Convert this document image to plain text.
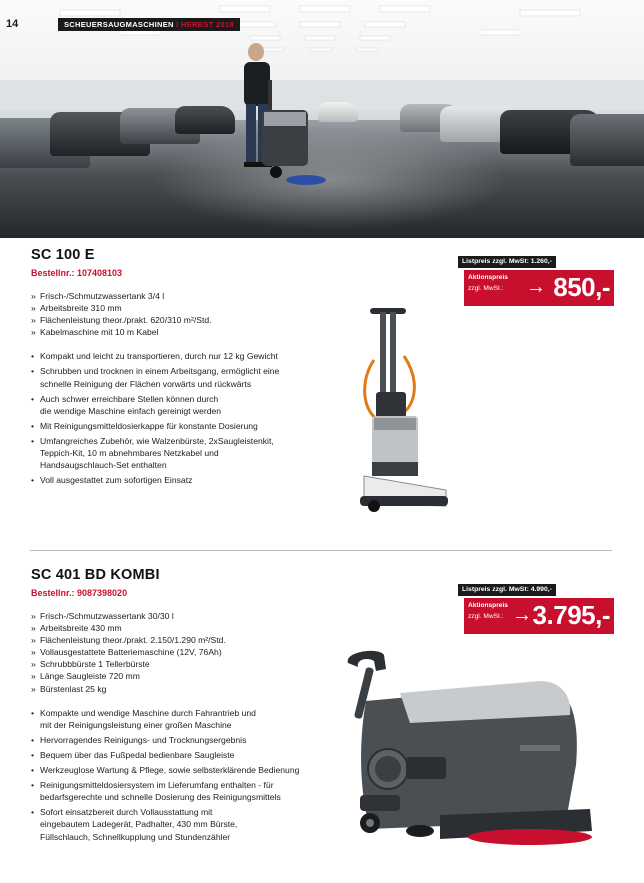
14	SCHEUERSAUGMASCHINEN / HERBST 2018
SC 100 E
Bestellnr.: 107408103
» Frisch-/Schmutzwassertank 3/4 l
» Arbeitsbreite 310 mm
» Flächenleistung theor./prakt. 620/310 m²/Std.
» Kabelmaschine mit 10 m Kabel
• Kompakt und leicht zu transportieren, durch nur 12 kg Gewicht
• Schrubben und trocknen in einem Arbeitsgang, ermöglicht eine
schnelle Reinigung der Flächen vorwärts und rückwärts
• Auch schwer erreichbare Stellen können durch
die wendige Maschine einfach gereinigt werden
• Mit Reinigungsmitteldosierkappe für konstante Dosierung
• Umfangreiches Zubehör, wie Walzenbürste, 2xSaugleistenkit,
Teppich-Kit, 10 m abnehmbares Netzkabel und
Handsaugschlauch-Set enthalten
• Voll ausgestattet zum sofortigen Einsatz
Listpreis zzgl. MwSt: 1.260,-
Aktionspreis
zzgl. MwSt.: → 850,-
SC 401 BD KOMBI
Bestellnr.: 9087398020
» Frisch-/Schmutzwassertank 30/30 l
» Arbeitsbreite 430 mm
» Flächenleistung theor./prakt. 2.150/1.290 m²/Std.
» Vollausgestattete Batteriemaschine (12V, 76Ah)
» Schrubbbürste 1 Tellerbürste
» Länge Saugleiste 720 mm
» Bürstenlast 25 kg
• Kompakte und wendige Maschine durch Fahrantrieb und
mit der Reinigungsleistung einer großen Maschine
• Hervorragendes Reinigungs- und Trocknungsergebnis
• Bequem über das Fußpedal bedienbare Saugleiste
• Werkzeuglose Wartung & Pflege, sowie selbsterklärende Bedienung
• Reinigungsmitteldosiersystem im Lieferumfang enthalten - für
bedarfsgerechte und schnelle Dosierung des Reinigungsmittels
• Sofort einsatzbereit durch Vollausstattung mit
eingebautem Ladegerät, Padhalter, 430 mm Bürste,
Füllschlauch, Schnellkupplung und Stundenzähler
Listpreis zzgl. MwSt: 4.990,-
Aktionspreis
zzgl. MwSt.: → 3.795,-
